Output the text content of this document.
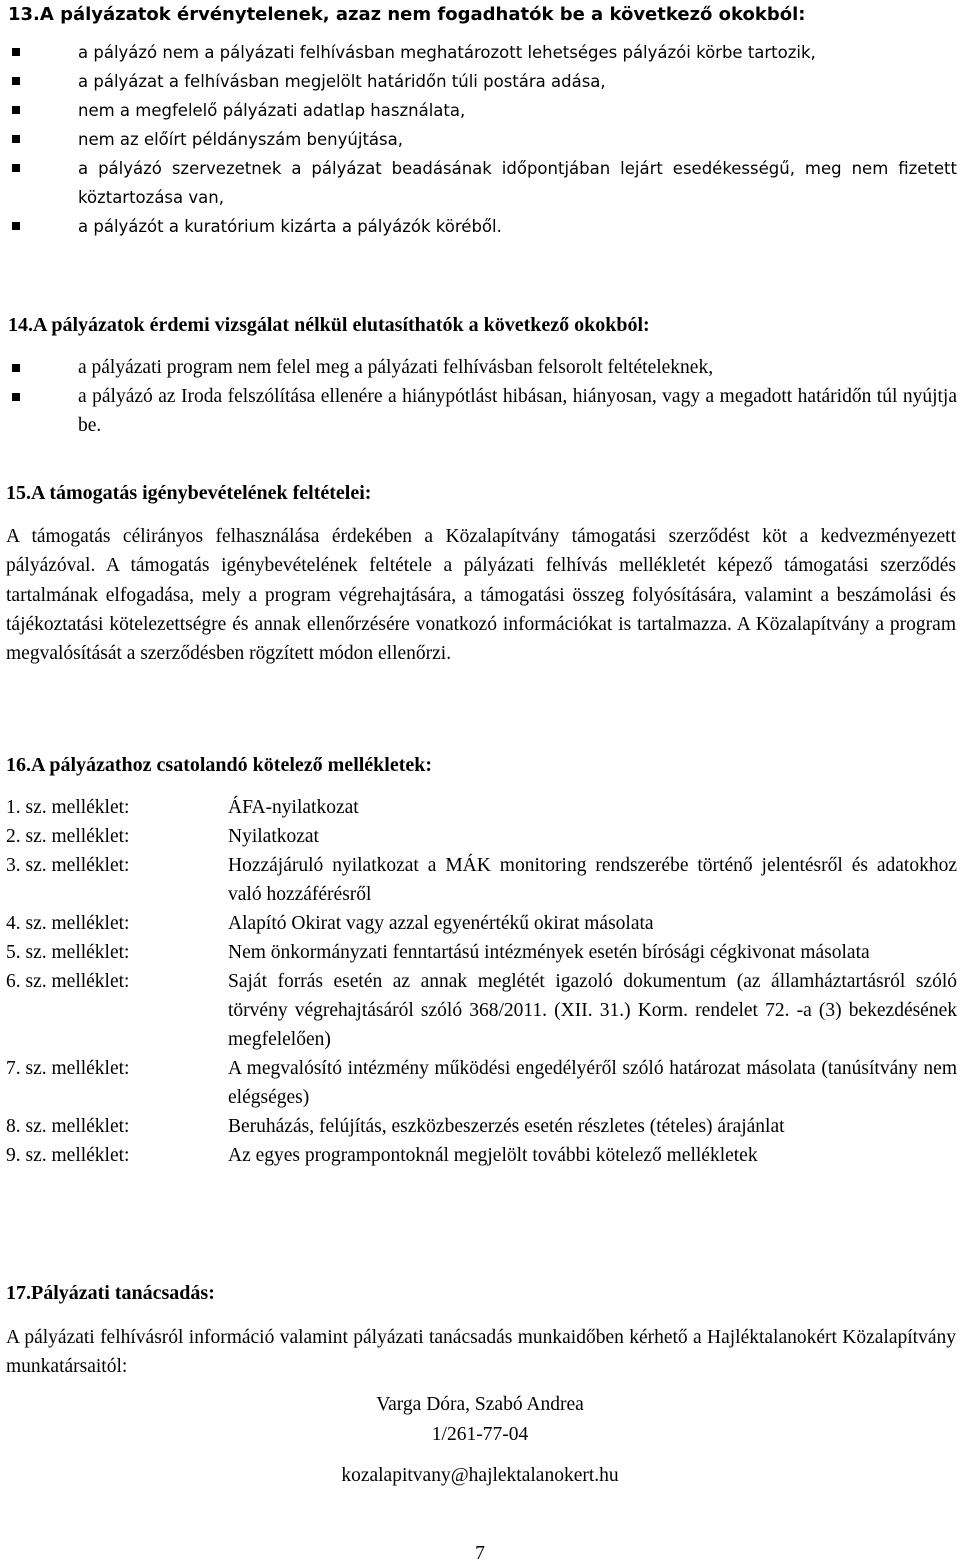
13.A pályázatok érvénytelenek, azaz nem fogadhatók be a következő okokból:
a pályázó nem a pályázati felhívásban meghatározott lehetséges pályázói körbe tartozik,
a pályázat a felhívásban megjelölt határidőn túli postára adása,
nem a megfelelő pályázati adatlap használata,
nem az előírt példányszám benyújtása,
a pályázó szervezetnek a pályázat beadásának időpontjában lejárt esedékességű, meg nem fizetett köztartozása van,
a pályázót a kuratórium kizárta a pályázók köréből.
14.A pályázatok érdemi vizsgálat nélkül elutasíthatók a következő okokból:
a pályázati program nem felel meg a pályázati felhívásban felsorolt feltételeknek,
a pályázó az Iroda felszólítása ellenére a hiánypótlást hibásan, hiányosan, vagy a megadott határidőn túl nyújtja be.
15.A támogatás igénybevételének feltételei:
A támogatás célirányos felhasználása érdekében a Közalapítvány támogatási szerződést köt a kedvezményezett pályázóval. A támogatás igénybevételének feltétele a pályázati felhívás mellékletét képező támogatási szerződés tartalmának elfogadása, mely a program végrehajtására, a támogatási összeg folyósítására, valamint a beszámolási és tájékoztatási kötelezettségre és annak ellenőrzésére vonatkozó információkat is tartalmazza. A Közalapítvány a program megvalósítását a szerződésben rögzített módon ellenőrzi.
16.A pályázathoz csatolandó kötelező mellékletek:
1. sz. melléklet:	ÁFA-nyilatkozat
2. sz. melléklet:	Nyilatkozat
3. sz. melléklet:	Hozzájáruló nyilatkozat a MÁK monitoring rendszerébe történő jelentésről és adatokhoz való hozzáférésről
4. sz. melléklet:	Alapító Okirat vagy azzal egyenértékű okirat másolata
5. sz. melléklet:	Nem önkormányzati fenntartású intézmények esetén bírósági cégkivonat másolata
6. sz. melléklet:	Saját forrás esetén az annak meglétét igazoló dokumentum (az államháztartásról szóló törvény végrehajtásáról szóló 368/2011. (XII. 31.) Korm. rendelet 72. -a (3) bekezdésének megfelelően)
7. sz. melléklet:	A megvalósító intézmény működési engedélyéről szóló határozat másolata (tanúsítvány nem elégséges)
8. sz. melléklet:	Beruházás, felújítás, eszközbeszerzés esetén részletes (tételes) árajánlat
9. sz. melléklet:	Az egyes programpontoknál megjelölt további kötelező mellékletek
17.Pályázati tanácsadás:
A pályázati felhívásról információ valamint pályázati tanácsadás munkaidőben kérhető a Hajléktalanokért Közalapítvány munkatársaitól:
Varga Dóra, Szabó Andrea
1/261-77-04
kozalapitvany@hajlektalanokert.hu
7
